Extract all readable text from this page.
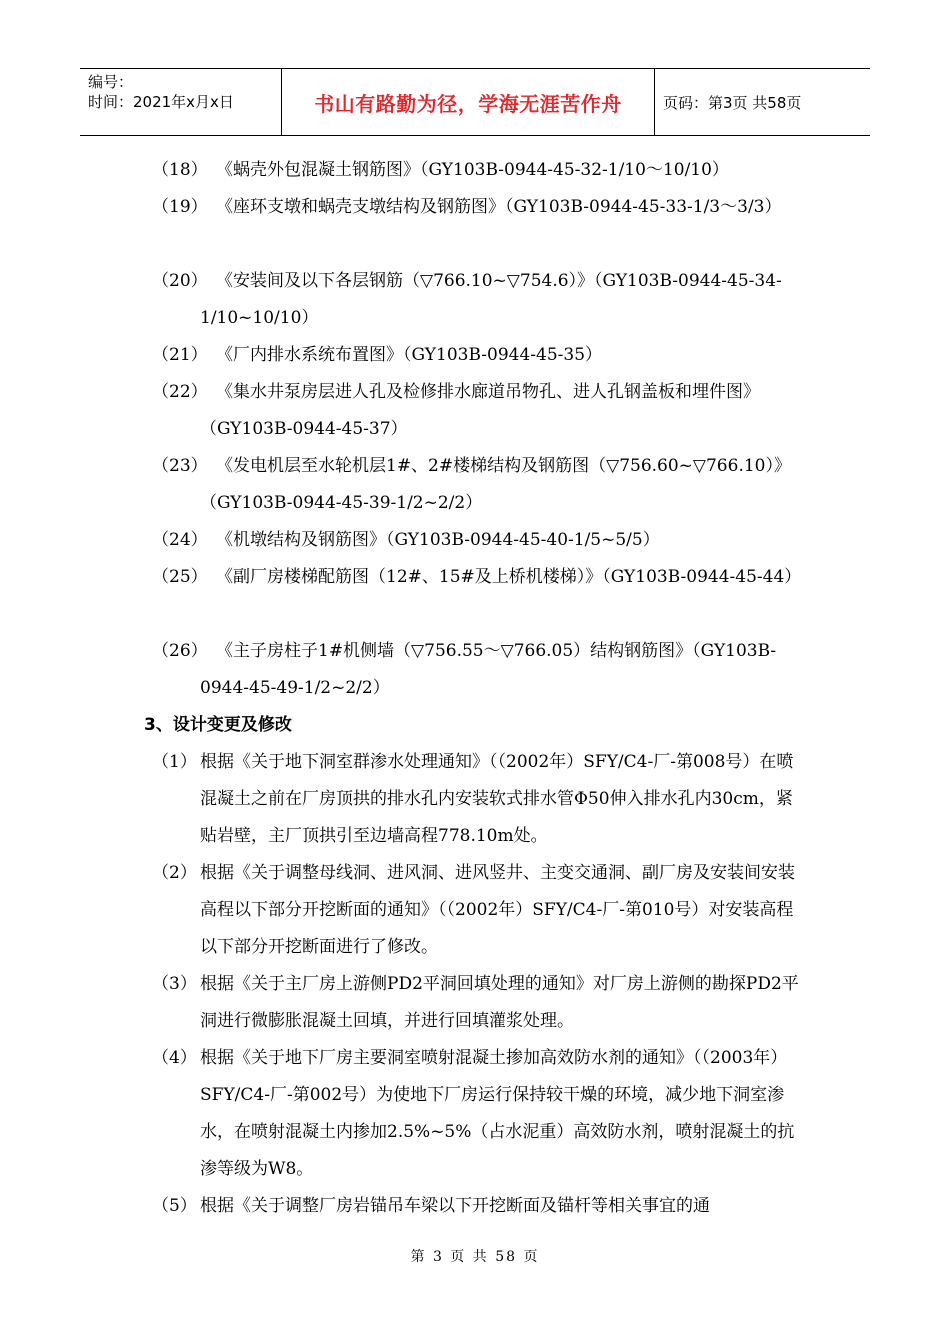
编号：
时间：2021年x月x日	书山有路勤为径，学海无涯苦作舟	页码：第3页 共58页
（18） 《蜗壳外包混凝土钢筋图》（GY103B-0944-45-32-1/10～10/10）
（19） 《座环支墩和蜗壳支墩结构及钢筋图》（GY103B-0944-45-33-1/3～3/3）
（20） 《安装间及以下各层钢筋（▽766.10~▽754.6）》（GY103B-0944-45-34-1/10~10/10）
（21） 《厂内排水系统布置图》（GY103B-0944-45-35）
（22） 《集水井泵房层进人孔及检修排水廊道吊物孔、进人孔钢盖板和埋件图》（GY103B-0944-45-37）
（23） 《发电机层至水轮机层1#、2#楼梯结构及钢筋图（▽756.60~▽766.10）》（GY103B-0944-45-39-1/2~2/2）
（24） 《机墩结构及钢筋图》（GY103B-0944-45-40-1/5~5/5）
（25） 《副厂房楼梯配筋图（12#、15#及上桥机楼梯）》（GY103B-0944-45-44）
（26） 《主子房柱子1#机侧墙（▽756.55～▽766.05）结构钢筋图》（GY103B-0944-45-49-1/2~2/2）
3、设计变更及修改
（1） 根据《关于地下洞室群渗水处理通知》（（2002年）SFY/C4-厂-第008号）在喷混凝土之前在厂房顶拱的排水孔内安装软式排水管Φ50伸入排水孔内30cm，紧贴岩壁，主厂顶拱引至边墙高程778.10m处。
（2） 根据《关于调整母线洞、进风洞、进风竖井、主变交通洞、副厂房及安装间安装高程以下部分开挖断面的通知》（（2002年）SFY/C4-厂-第010号）对安装高程以下部分开挖断面进行了修改。
（3） 根据《关于主厂房上游侧PD2平洞回填处理的通知》对厂房上游侧的勘探PD2平洞进行微膨胀混凝土回填，并进行回填灌浆处理。
（4） 根据《关于地下厂房主要洞室喷射混凝土掺加高效防水剂的通知》（（2003年）SFY/C4-厂-第002号）为使地下厂房运行保持较干燥的环境，减少地下洞室渗水，在喷射混凝土内掺加2.5%~5%（占水泥重）高效防水剂，喷射混凝土的抗渗等级为W8。
（5） 根据《关于调整厂房岩锚吊车梁以下开挖断面及锚杆等相关事宜的通
第 3 页 共 58 页
